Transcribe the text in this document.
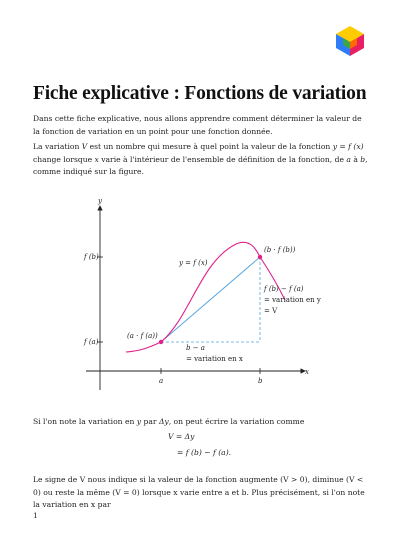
Fiche explicative : Fonctions de variation

Dans cette fiche explicative, nous allons apprendre comment déterminer la valeur de la fonction de variation en un point pour une fonction donnée.

La variation V est un nombre qui mesure à quel point la valeur de la fonction y = f (x) change lorsque x varie à l'intérieur de l'ensemble de définition de la fonction, de a à b, comme indiqué sur la figure.

y
x
f (b)
f (a)
a	b
y = f (x)
(a · f (a))
(b · f (b))
f (b) − f (a)
= variation en y
= V
b − a
= variation en x

Si l'on note la variation en y par Δy, on peut écrire la variation comme

V = Δy
= f (b) − f (a).

Le signe de V nous indique si la valeur de la fonction augmente (V > 0), diminue (V < 0) ou reste la même (V = 0) lorsque x varie entre a et b. Plus précisément, si l'on note la variation en x par

1
